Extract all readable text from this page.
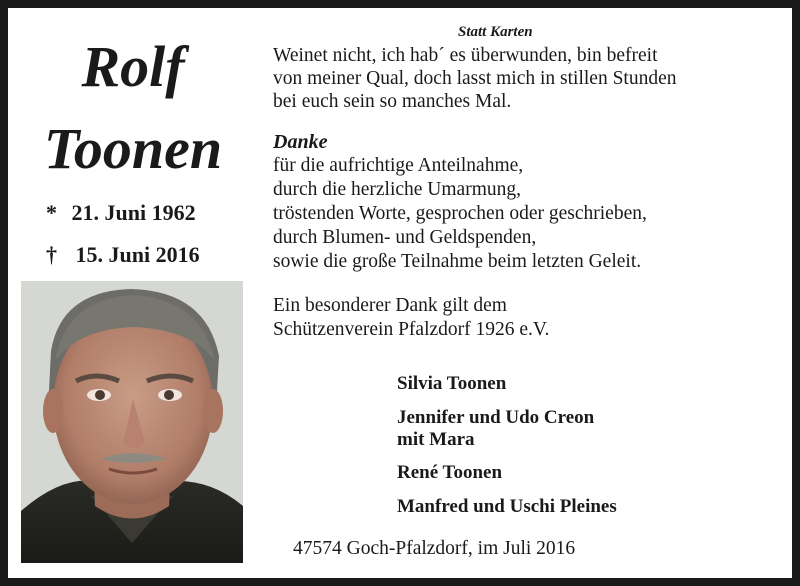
Rolf
Toonen
* 21. Juni 1962
† 15. Juni 2016
Statt Karten

Weinet nicht, ich hab´ es überwunden, bin befreit
von meiner Qual, doch lasst mich in stillen Stunden
bei euch sein so manches Mal.

Danke

für die aufrichtige Anteilnahme,
durch die herzliche Umarmung,
tröstenden Worte, gesprochen oder geschrieben,
durch Blumen- und Geldspenden,
sowie die große Teilnahme beim letzten Geleit.

Ein besonderer Dank gilt dem
Schützenverein Pfalzdorf 1926 e.V.

Silvia Toonen
Jennifer und Udo Creon
mit Mara
René Toonen
Manfred und Uschi Pleines
47574 Goch-Pfalzdorf, im Juli 2016
